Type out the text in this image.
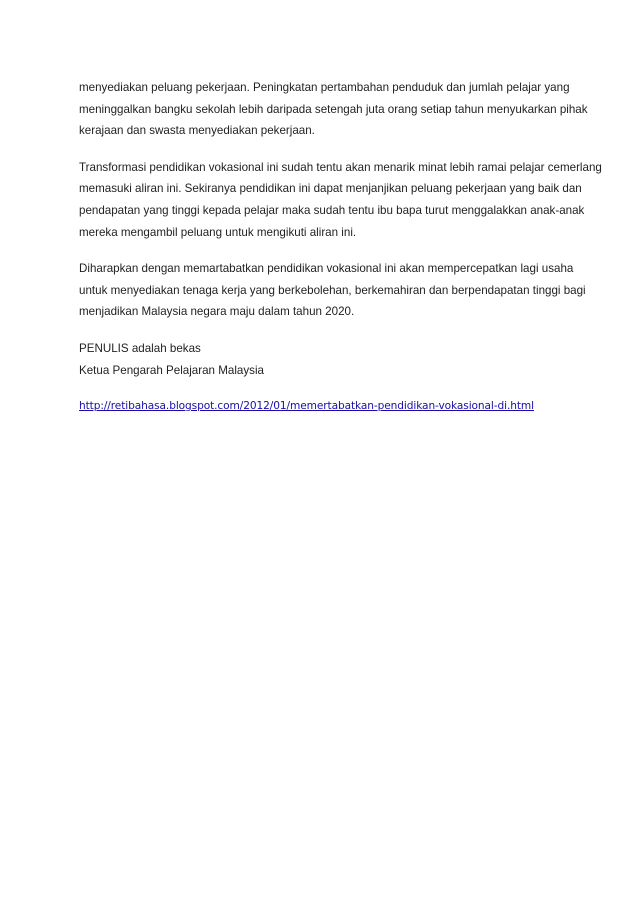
menyediakan peluang pekerjaan. Peningkatan pertambahan penduduk dan jumlah pelajar yang
meninggalkan bangku sekolah lebih daripada setengah juta orang setiap tahun menyukarkan pihak
kerajaan dan swasta menyediakan pekerjaan.
Transformasi pendidikan vokasional ini sudah tentu akan menarik minat lebih ramai pelajar cemerlang
memasuki aliran ini. Sekiranya pendidikan ini dapat menjanjikan peluang pekerjaan yang baik dan
pendapatan yang tinggi kepada pelajar maka sudah tentu ibu bapa turut menggalakkan anak-anak
mereka mengambil peluang untuk mengikuti aliran ini.
Diharapkan dengan memartabatkan pendidikan vokasional ini akan mempercepatkan lagi usaha
untuk menyediakan tenaga kerja yang berkebolehan, berkemahiran dan berpendapatan tinggi bagi
menjadikan Malaysia negara maju dalam tahun 2020.
PENULIS adalah bekas
Ketua Pengarah Pelajaran Malaysia
http://retibahasa.blogspot.com/2012/01/memertabatkan-pendidikan-vokasional-di.html
